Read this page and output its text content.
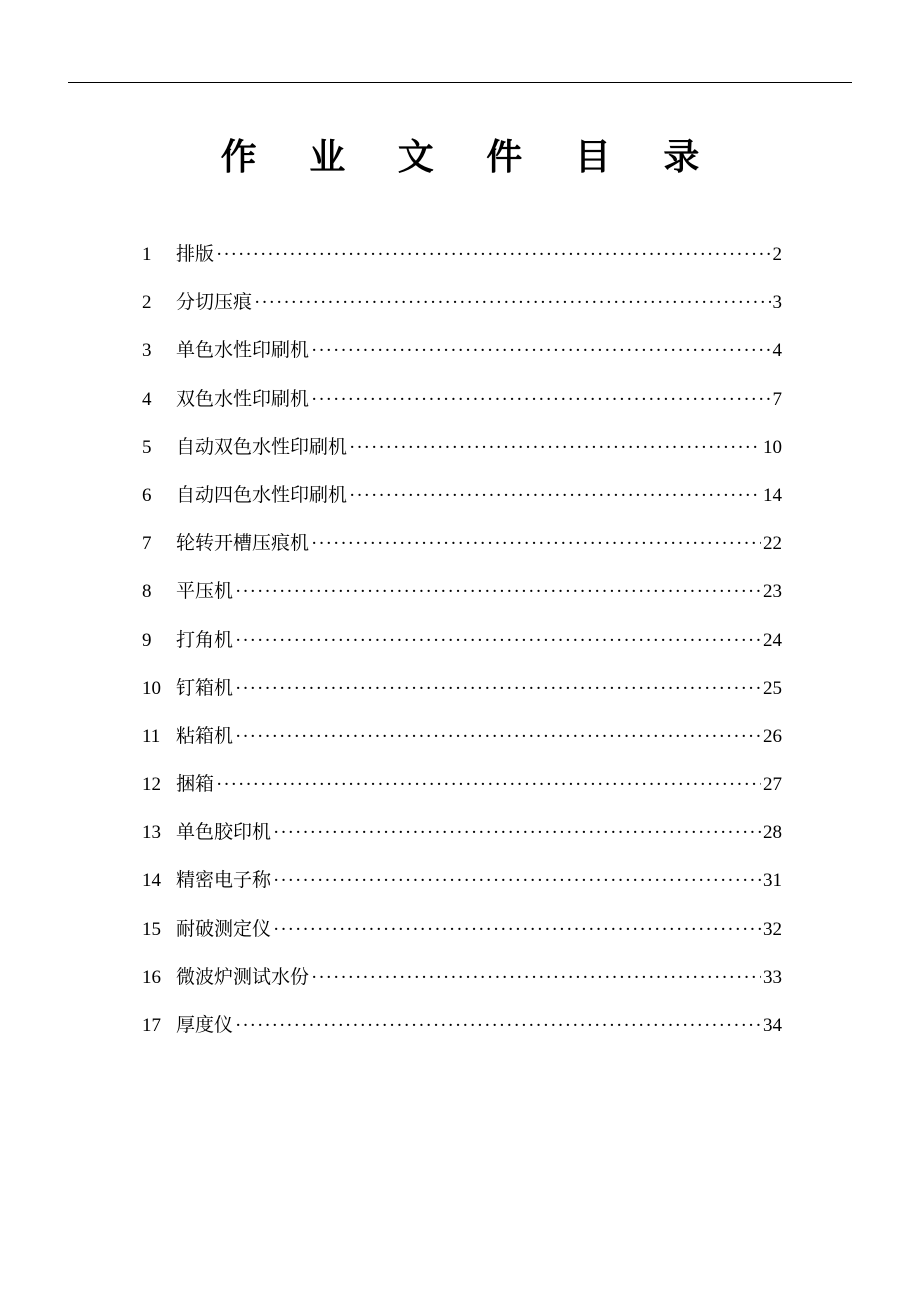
作 业 文 件 目 录
1	排版 ·····	2
2	分切压痕 ·····	3
3	单色水性印刷机 ·····	4
4	双色水性印刷机 ·····	7
5	自动双色水性印刷机 ·····	10
6	自动四色水性印刷机 ·····	14
7	轮转开槽压痕机 ·····	22
8	平压机 ·····	23
9	打角机 ·····	24
10 钉箱机 ·····	25
11 粘箱机 ·····	26
12 捆箱 ·····	27
13 单色胶印机 ·····	28
14 精密电子称 ·····	31
15 耐破测定仪 ·····	32
16 微波炉测试水份 ·····	33
17 厚度仪 ·····	34
